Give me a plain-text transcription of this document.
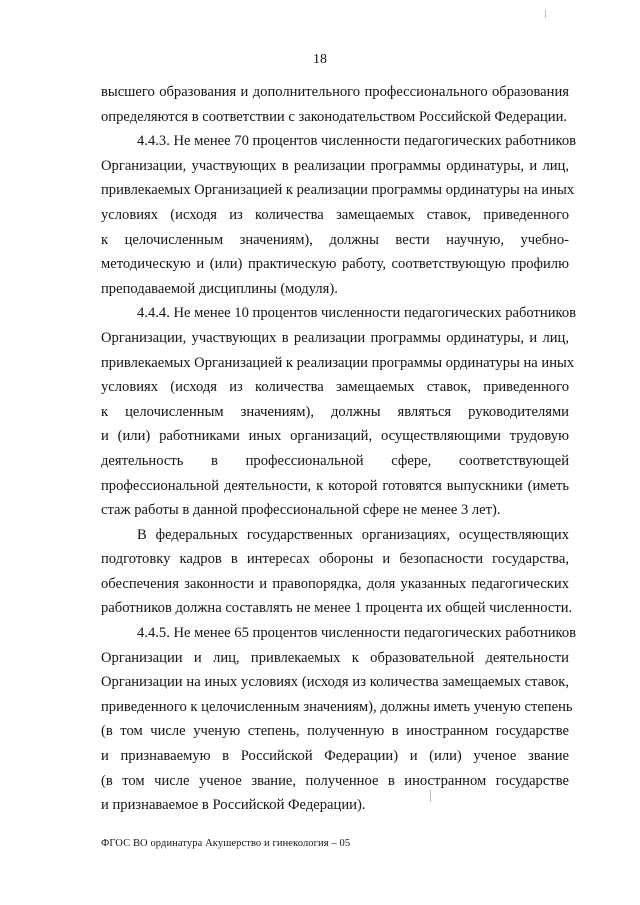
18

высшего образования и дополнительного профессионального образования
определяются в соответствии с законодательством Российской Федерации.

4.4.3. Не менее 70 процентов численности педагогических работников
Организации, участвующих в реализации программы ординатуры, и лиц,
привлекаемых Организацией к реализации программы ординатуры на иных
условиях (исходя из количества замещаемых ставок, приведенного
к целочисленным значениям), должны вести научную, учебно-
методическую и (или) практическую работу, соответствующую профилю
преподаваемой дисциплины (модуля).

4.4.4. Не менее 10 процентов численности педагогических работников
Организации, участвующих в реализации программы ординатуры, и лиц,
привлекаемых Организацией к реализации программы ординатуры на иных
условиях (исходя из количества замещаемых ставок, приведенного
к целочисленным значениям), должны являться руководителями
и (или) работниками иных организаций, осуществляющими трудовую
деятельность в профессиональной сфере, соответствующей
профессиональной деятельности, к которой готовятся выпускники (иметь
стаж работы в данной профессиональной сфере не менее 3 лет).

В федеральных государственных организациях, осуществляющих
подготовку кадров в интересах обороны и безопасности государства,
обеспечения законности и правопорядка, доля указанных педагогических
работников должна составлять не менее 1 процента их общей численности.

4.4.5. Не менее 65 процентов численности педагогических работников
Организации и лиц, привлекаемых к образовательной деятельности
Организации на иных условиях (исходя из количества замещаемых ставок,
приведенного к целочисленным значениям), должны иметь ученую степень
(в том числе ученую степень, полученную в иностранном государстве
и признаваемую в Российской Федерации) и (или) ученое звание
(в том числе ученое звание, полученное в иностранном государстве
и признаваемое в Российской Федерации).

ФГОС ВО ординатура Акушерство и гинекология – 05
